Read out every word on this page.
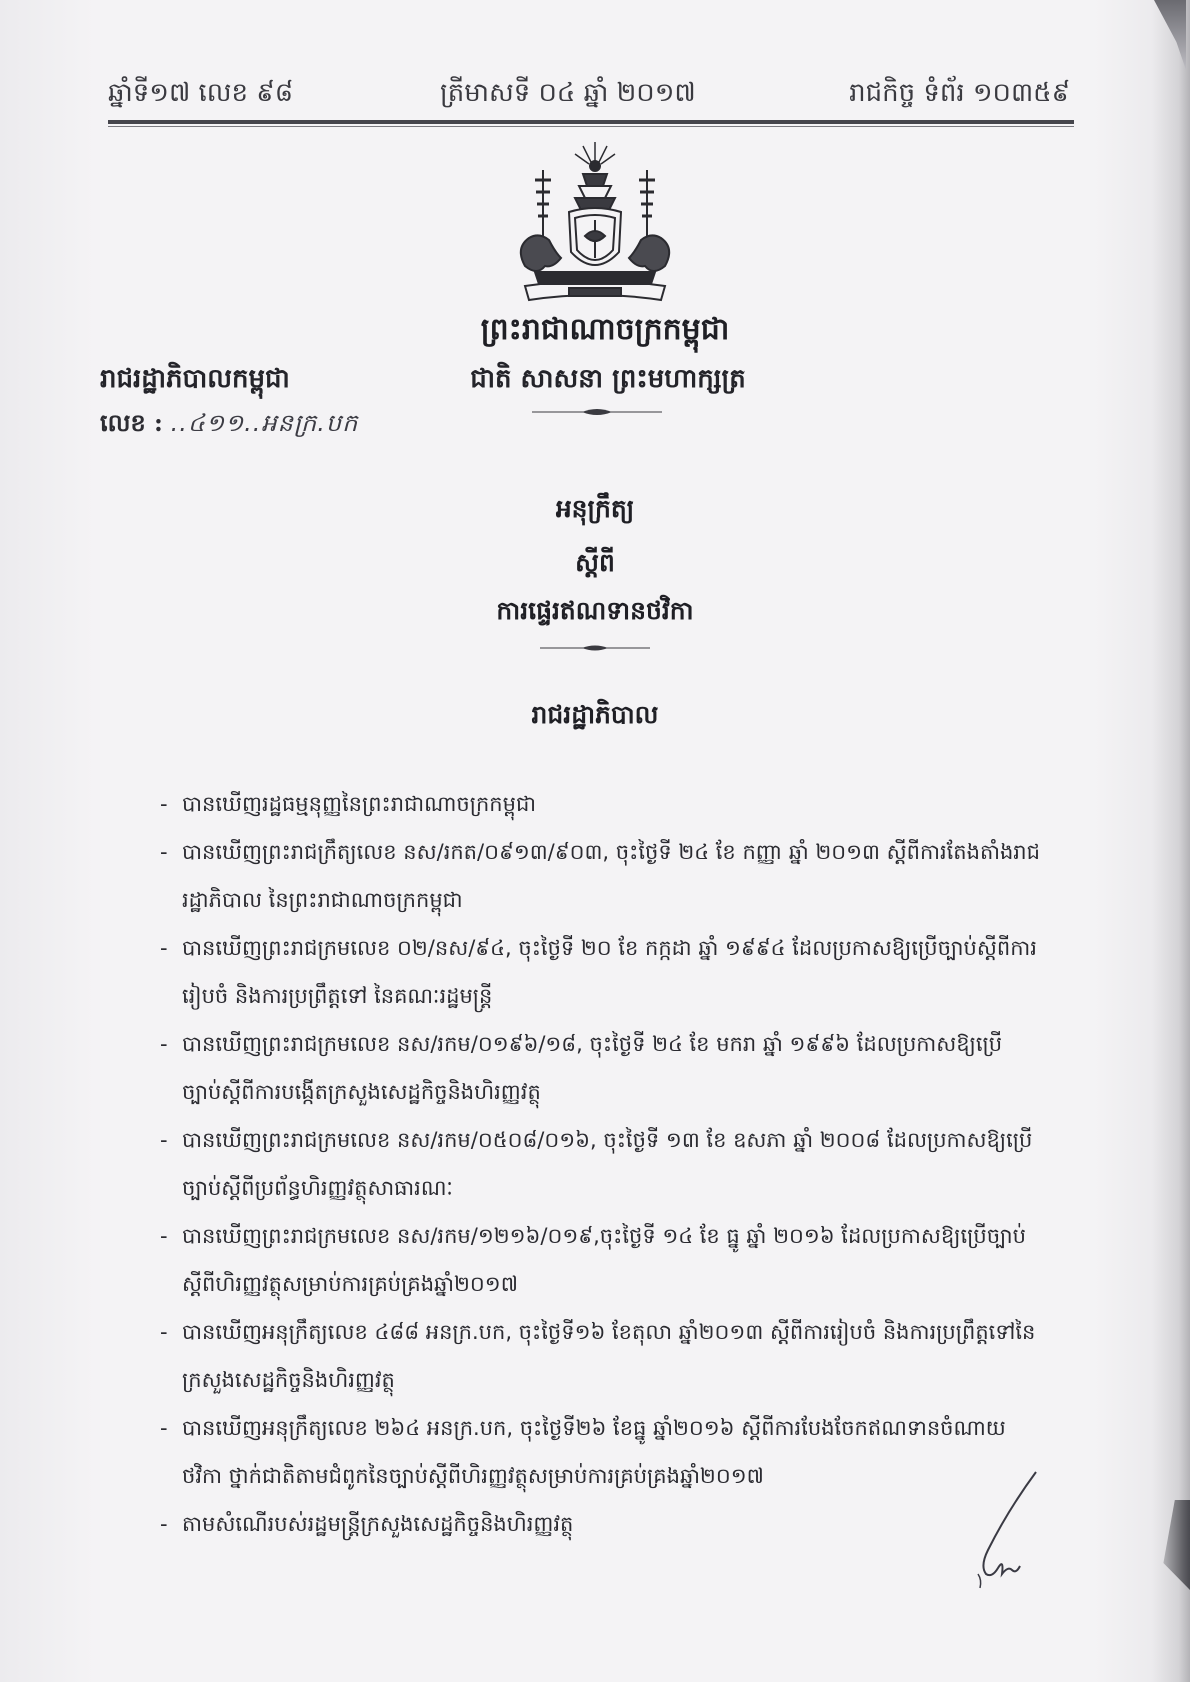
ឆ្នាំទី១៧ លេខ ៩៨	ត្រីមាសទី ០៤ ឆ្នាំ ២០១៧	រាជកិច្ច ទំព័រ ១០៣៥៩
ព្រះរាជាណាចក្រកម្ពុជា
ជាតិ សាសនា ព្រះមហាក្សត្រ
រាជរដ្ឋាភិបាលកម្ពុជា
លេខ : ..៤១១..អនក្រ.បក
អនុក្រឹត្យ
ស្តីពី
ការផ្ទេរឥណទានថវិកា
រាជរដ្ឋាភិបាល
- បានឃើញរដ្ឋធម្មនុញ្ញនៃព្រះរាជាណាចក្រកម្ពុជា
- បានឃើញព្រះរាជក្រឹត្យលេខ នស/រកត/០៩១៣/៩០៣, ចុះថ្ងៃទី ២៤ ខែ កញ្ញា ឆ្នាំ ២០១៣ ស្តីពីការតែងតាំងរាជរដ្ឋាភិបាល នៃព្រះរាជាណាចក្រកម្ពុជា
- បានឃើញព្រះរាជក្រមលេខ ០២/នស/៩៤, ចុះថ្ងៃទី ២០ ខែ កក្កដា ឆ្នាំ ១៩៩៤ ដែលប្រកាសឱ្យប្រើច្បាប់ស្តីពីការរៀបចំ និងការប្រព្រឹត្តទៅ នៃគណៈរដ្ឋមន្ត្រី
- បានឃើញព្រះរាជក្រមលេខ នស/រកម/០១៩៦/១៨, ចុះថ្ងៃទី ២៤ ខែ មករា ឆ្នាំ ១៩៩៦ ដែលប្រកាសឱ្យប្រើច្បាប់ស្តីពីការបង្កើតក្រសួងសេដ្ឋកិច្ចនិងហិរញ្ញវត្ថុ
- បានឃើញព្រះរាជក្រមលេខ នស/រកម/០៥០៨/០១៦, ចុះថ្ងៃទី ១៣ ខែ ឧសភា ឆ្នាំ ២០០៨ ដែលប្រកាសឱ្យប្រើច្បាប់ស្តីពីប្រព័ន្ធហិរញ្ញវត្ថុសាធារណៈ
- បានឃើញព្រះរាជក្រមលេខ នស/រកម/១២១៦/០១៩,ចុះថ្ងៃទី ១៤ ខែ ធ្នូ ឆ្នាំ ២០១៦ ដែលប្រកាសឱ្យប្រើច្បាប់ស្តីពីហិរញ្ញវត្ថុសម្រាប់ការគ្រប់គ្រងឆ្នាំ២០១៧
- បានឃើញអនុក្រឹត្យលេខ ៤៨៨ អនក្រ.បក, ចុះថ្ងៃទី១៦ ខែតុលា ឆ្នាំ២០១៣ ស្តីពីការរៀបចំ និងការប្រព្រឹត្តទៅនៃក្រសួងសេដ្ឋកិច្ចនិងហិរញ្ញវត្ថុ
- បានឃើញអនុក្រឹត្យលេខ ២៦៤ អនក្រ.បក, ចុះថ្ងៃទី២៦ ខែធ្នូ ឆ្នាំ២០១៦ ស្តីពីការបែងចែកឥណទានចំណាយថវិកា ថ្នាក់ជាតិតាមជំពូកនៃច្បាប់ស្តីពីហិរញ្ញវត្ថុសម្រាប់ការគ្រប់គ្រងឆ្នាំ២០១៧
- តាមសំណើរបស់រដ្ឋមន្ត្រីក្រសួងសេដ្ឋកិច្ចនិងហិរញ្ញវត្ថុ
